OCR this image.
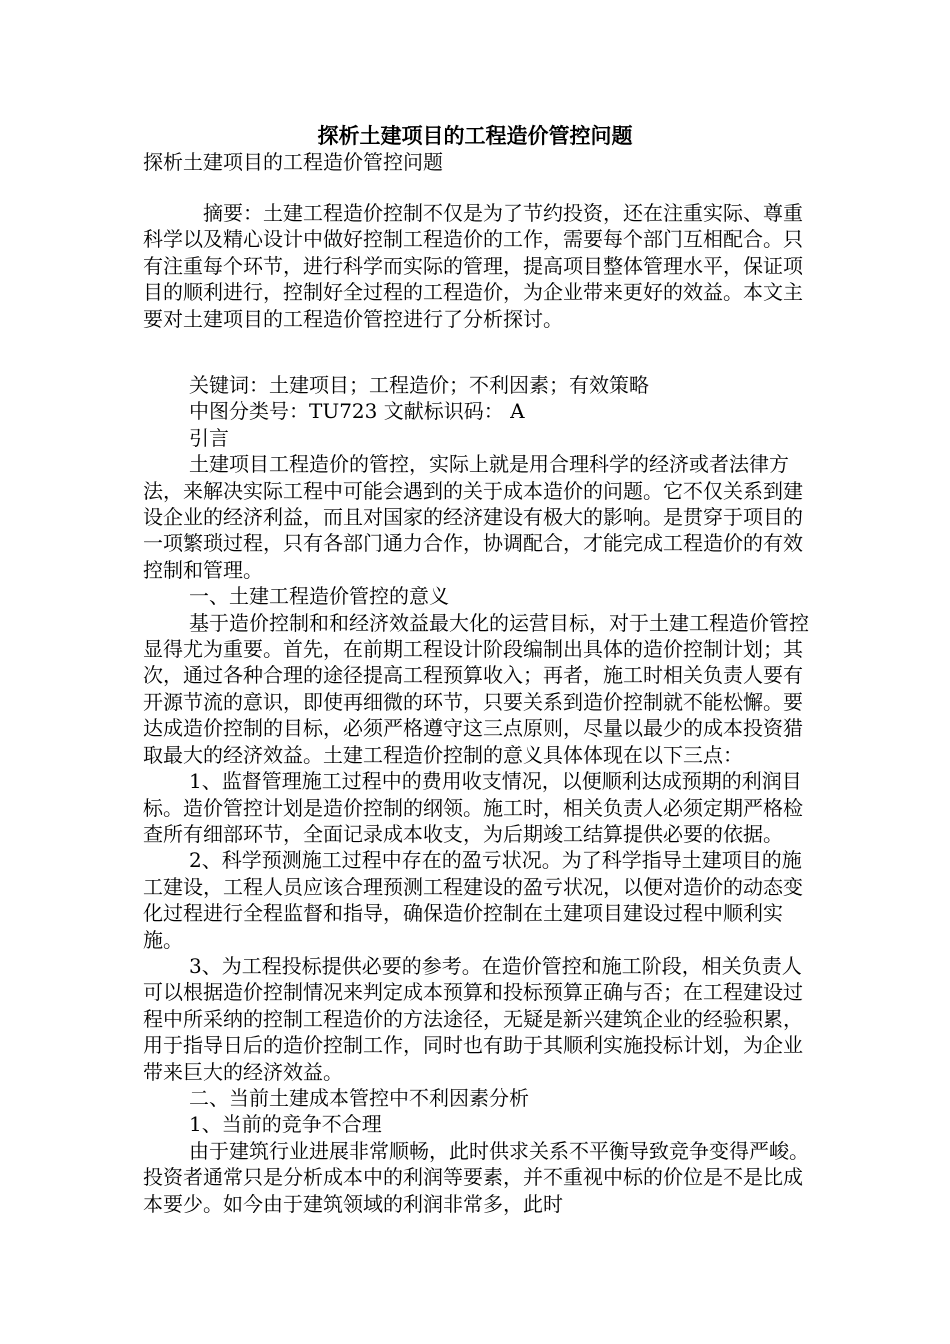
探析土建项目的工程造价管控问题
探析土建项目的工程造价管控问题

摘要：土建工程造价控制不仅是为了节约投资，还在注重实际、尊重科学以及精心设计中做好控制工程造价的工作，需要每个部门互相配合。只有注重每个环节，进行科学而实际的管理，提高项目整体管理水平，保证项目的顺利进行，控制好全过程的工程造价，为企业带来更好的效益。本文主要对土建项目的工程造价管控进行了分析探讨。

关键词：土建项目；工程造价；不利因素；有效策略

中图分类号：TU723 文献标识码： A

引言

土建项目工程造价的管控，实际上就是用合理科学的经济或者法律方法，来解决实际工程中可能会遇到的关于成本造价的问题。它不仅关系到建设企业的经济利益，而且对国家的经济建设有极大的影响。是贯穿于项目的一项繁琐过程，只有各部门通力合作，协调配合，才能完成工程造价的有效控制和管理。

一、土建工程造价管控的意义

基于造价控制和和经济效益最大化的运营目标，对于土建工程造价管控显得尤为重要。首先，在前期工程设计阶段编制出具体的造价控制计划；其次，通过各种合理的途径提高工程预算收入；再者，施工时相关负责人要有开源节流的意识，即使再细微的环节，只要关系到造价控制就不能松懈。要达成造价控制的目标，必须严格遵守这三点原则，尽量以最少的成本投资猎取最大的经济效益。土建工程造价控制的意义具体体现在以下三点：

1、监督管理施工过程中的费用收支情况，以便顺利达成预期的利润目标。造价管控计划是造价控制的纲领。施工时，相关负责人必须定期严格检查所有细部环节，全面记录成本收支，为后期竣工结算提供必要的依据。

2、科学预测施工过程中存在的盈亏状况。为了科学指导土建项目的施工建设，工程人员应该合理预测工程建设的盈亏状况，以便对造价的动态变化过程进行全程监督和指导，确保造价控制在土建项目建设过程中顺利实施。

3、为工程投标提供必要的参考。在造价管控和施工阶段，相关负责人可以根据造价控制情况来判定成本预算和投标预算正确与否；在工程建设过程中所采纳的控制工程造价的方法途径，无疑是新兴建筑企业的经验积累，用于指导日后的造价控制工作，同时也有助于其顺利实施投标计划，为企业带来巨大的经济效益。

二、当前土建成本管控中不利因素分析

1、当前的竞争不合理

由于建筑行业进展非常顺畅，此时供求关系不平衡导致竞争变得严峻。投资者通常只是分析成本中的利润等要素，并不重视中标的价位是不是比成本要少。如今由于建筑领域的利润非常多，此时
